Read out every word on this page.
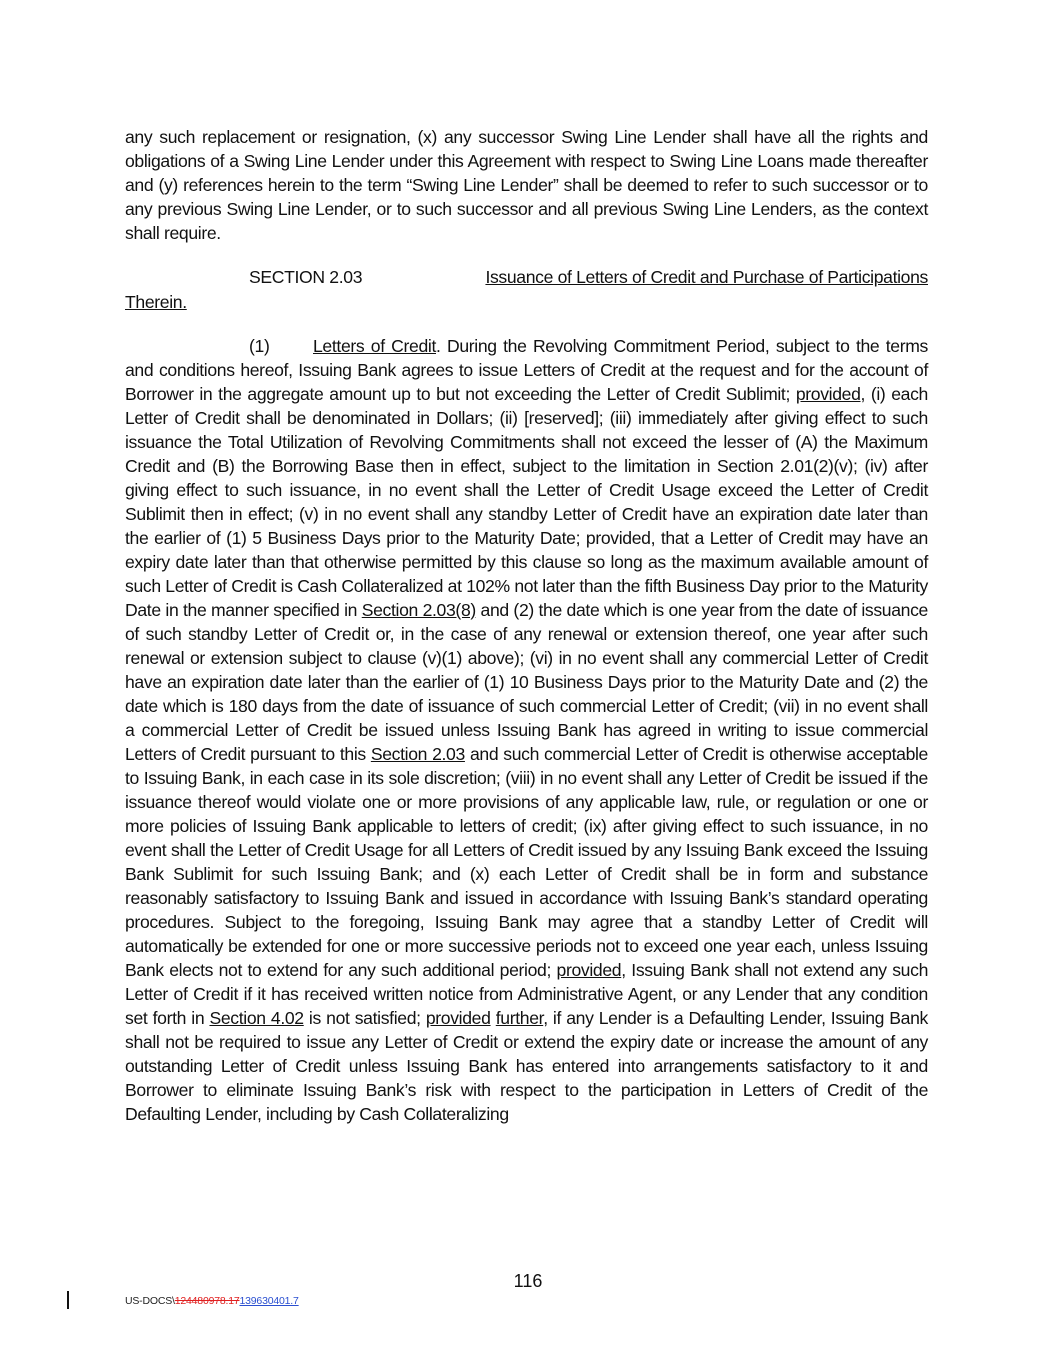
any such replacement or resignation, (x) any successor Swing Line Lender shall have all the rights and obligations of a Swing Line Lender under this Agreement with respect to Swing Line Loans made thereafter and (y) references herein to the term “Swing Line Lender” shall be deemed to refer to such successor or to any previous Swing Line Lender, or to such successor and all previous Swing Line Lenders, as the context shall require.

SECTION 2.03	Issuance of Letters of Credit and Purchase of Participations
Therein.

(1) Letters of Credit. During the Revolving Commitment Period, subject to the terms and conditions hereof, Issuing Bank agrees to issue Letters of Credit at the request and for the account of Borrower in the aggregate amount up to but not exceeding the Letter of Credit Sublimit; provided, (i) each Letter of Credit shall be denominated in Dollars; (ii) [reserved]; (iii) immediately after giving effect to such issuance the Total Utilization of Revolving Commitments shall not exceed the lesser of (A) the Maximum Credit and (B) the Borrowing Base then in effect, subject to the limitation in Section 2.01(2)(v); (iv) after giving effect to such issuance, in no event shall the Letter of Credit Usage exceed the Letter of Credit Sublimit then in effect; (v) in no event shall any standby Letter of Credit have an expiration date later than the earlier of (1) 5 Business Days prior to the Maturity Date; provided, that a Letter of Credit may have an expiry date later than that otherwise permitted by this clause so long as the maximum available amount of such Letter of Credit is Cash Collateralized at 102% not later than the fifth Business Day prior to the Maturity Date in the manner specified in Section 2.03(8) and (2) the date which is one year from the date of issuance of such standby Letter of Credit or, in the case of any renewal or extension thereof, one year after such renewal or extension subject to clause (v)(1) above); (vi) in no event shall any commercial Letter of Credit have an expiration date later than the earlier of (1) 10 Business Days prior to the Maturity Date and (2) the date which is 180 days from the date of issuance of such commercial Letter of Credit; (vii) in no event shall a commercial Letter of Credit be issued unless Issuing Bank has agreed in writing to issue commercial Letters of Credit pursuant to this Section 2.03 and such commercial Letter of Credit is otherwise acceptable to Issuing Bank, in each case in its sole discretion; (viii) in no event shall any Letter of Credit be issued if the issuance thereof would violate one or more provisions of any applicable law, rule, or regulation or one or more policies of Issuing Bank applicable to letters of credit; (ix) after giving effect to such issuance, in no event shall the Letter of Credit Usage for all Letters of Credit issued by any Issuing Bank exceed the Issuing Bank Sublimit for such Issuing Bank; and (x) each Letter of Credit shall be in form and substance reasonably satisfactory to Issuing Bank and issued in accordance with Issuing Bank’s standard operating procedures. Subject to the foregoing, Issuing Bank may agree that a standby Letter of Credit will automatically be extended for one or more successive periods not to exceed one year each, unless Issuing Bank elects not to extend for any such additional period; provided, Issuing Bank shall not extend any such Letter of Credit if it has received written notice from Administrative Agent, or any Lender that any condition set forth in Section 4.02 is not satisfied; provided further, if any Lender is a Defaulting Lender, Issuing Bank shall not be required to issue any Letter of Credit or extend the expiry date or increase the amount of any outstanding Letter of Credit unless Issuing Bank has entered into arrangements satisfactory to it and Borrower to eliminate Issuing Bank’s risk with respect to the participation in Letters of Credit of the Defaulting Lender, including by Cash Collateralizing

116
US-DOCS\124480978.17139630401.7
